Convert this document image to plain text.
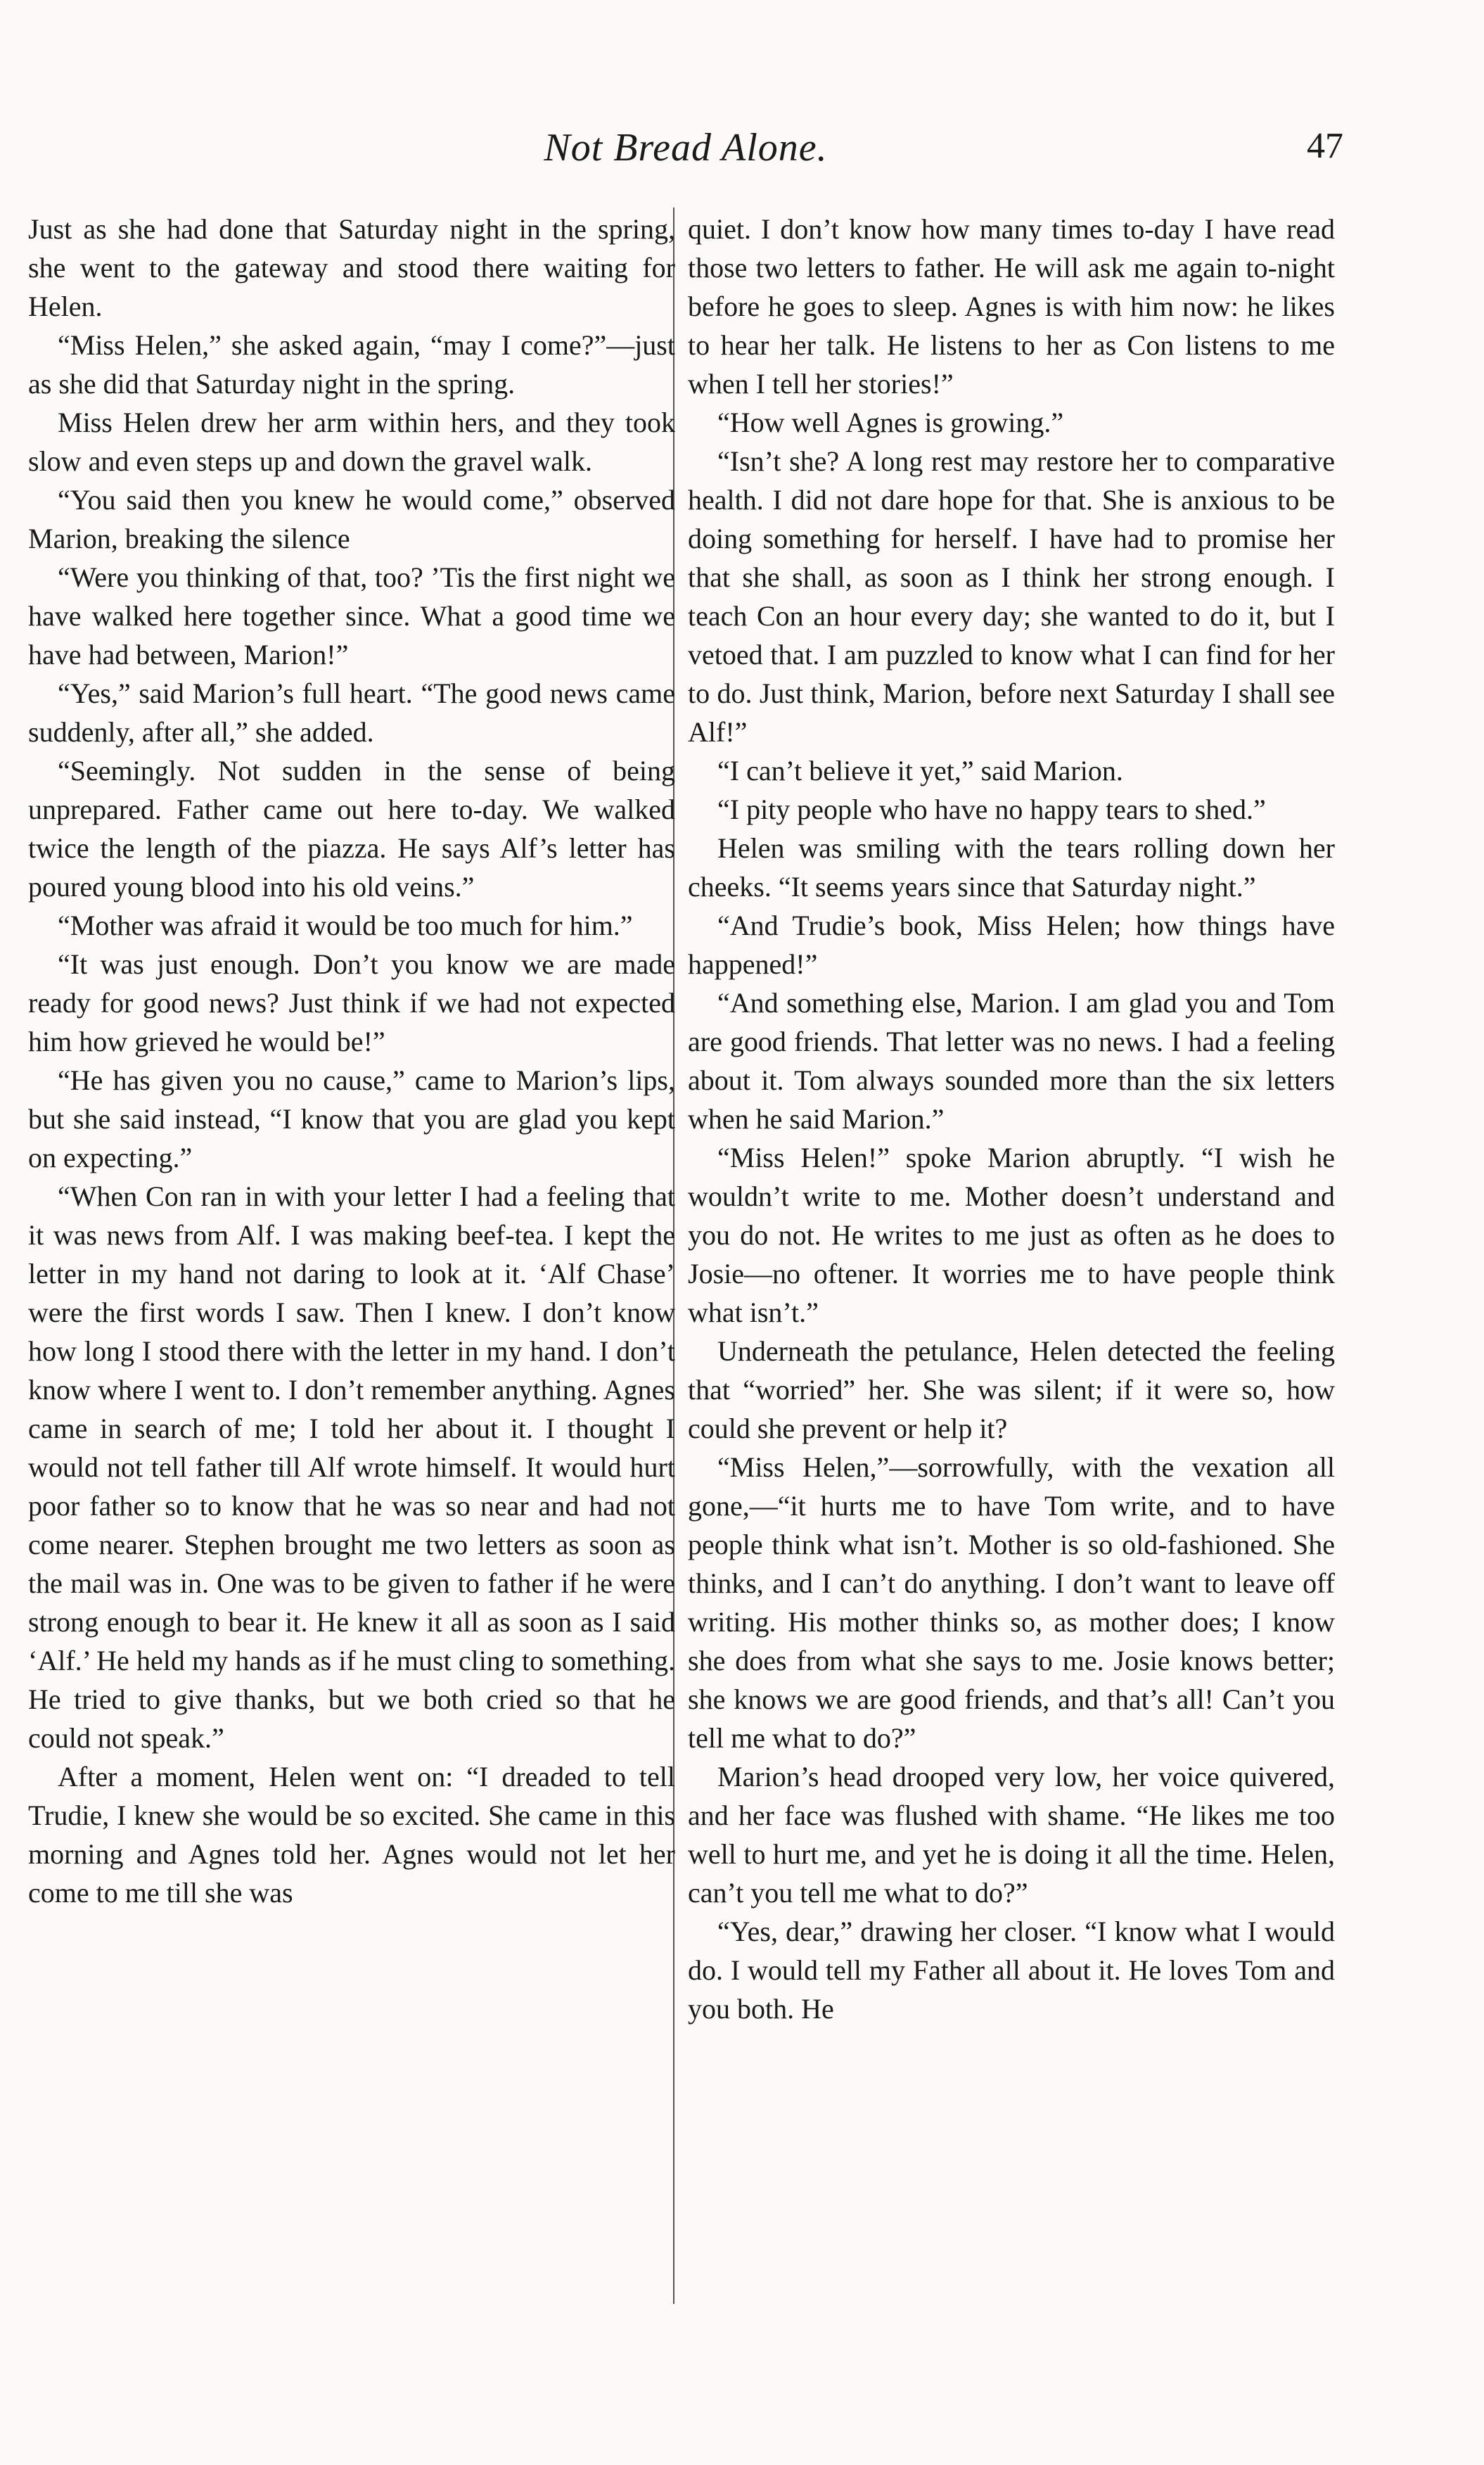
Not Bread Alone.	47

Just as she had done that Saturday night in the spring, she went to the gateway and stood there waiting for Helen.

“Miss Helen,” she asked again, “may I come?”—just as she did that Saturday night in the spring.

Miss Helen drew her arm within hers, and they took slow and even steps up and down the gravel walk.

“You said then you knew he would come,” observed Marion, breaking the silence

“Were you thinking of that, too? ’Tis the first night we have walked here together since. What a good time we have had between, Marion!”

“Yes,” said Marion’s full heart. “The good news came suddenly, after all,” she added.

“Seemingly. Not sudden in the sense of being unprepared. Father came out here to-day. We walked twice the length of the piazza. He says Alf’s letter has poured young blood into his old veins.”

“Mother was afraid it would be too much for him.”

“It was just enough. Don’t you know we are made ready for good news? Just think if we had not expected him how grieved he would be!”

“He has given you no cause,” came to Marion’s lips, but she said instead, “I know that you are glad you kept on expecting.”

“When Con ran in with your letter I had a feeling that it was news from Alf. I was making beef-tea. I kept the letter in my hand not daring to look at it. ‘Alf Chase’ were the first words I saw. Then I knew. I don’t know how long I stood there with the letter in my hand. I don’t know where I went to. I don’t remember anything. Agnes came in search of me; I told her about it. I thought I would not tell father till Alf wrote himself. It would hurt poor father so to know that he was so near and had not come nearer. Stephen brought me two letters as soon as the mail was in. One was to be given to father if he were strong enough to bear it. He knew it all as soon as I said ‘Alf.’ He held my hands as if he must cling to something. He tried to give thanks, but we both cried so that he could not speak.”

After a moment, Helen went on: “I dreaded to tell Trudie, I knew she would be so excited. She came in this morning and Agnes told her. Agnes would not let her come to me till she was

quiet. I don’t know how many times to-day I have read those two letters to father. He will ask me again to-night before he goes to sleep. Agnes is with him now: he likes to hear her talk. He listens to her as Con listens to me when I tell her stories!”

“How well Agnes is growing.”

“Isn’t she? A long rest may restore her to comparative health. I did not dare hope for that. She is anxious to be doing something for herself. I have had to promise her that she shall, as soon as I think her strong enough. I teach Con an hour every day; she wanted to do it, but I vetoed that. I am puzzled to know what I can find for her to do. Just think, Marion, before next Saturday I shall see Alf!”

“I can’t believe it yet,” said Marion.

“I pity people who have no happy tears to shed.”

Helen was smiling with the tears rolling down her cheeks. “It seems years since that Saturday night.”

“And Trudie’s book, Miss Helen; how things have happened!”

“And something else, Marion. I am glad you and Tom are good friends. That letter was no news. I had a feeling about it. Tom always sounded more than the six letters when he said Marion.”

“Miss Helen!” spoke Marion abruptly. “I wish he wouldn’t write to me. Mother doesn’t understand and you do not. He writes to me just as often as he does to Josie—no oftener. It worries me to have people think what isn’t.”

Underneath the petulance, Helen detected the feeling that “worried” her. She was silent; if it were so, how could she prevent or help it?

“Miss Helen,”—sorrowfully, with the vexation all gone,—“it hurts me to have Tom write, and to have people think what isn’t. Mother is so old-fashioned. She thinks, and I can’t do anything. I don’t want to leave off writing. His mother thinks so, as mother does; I know she does from what she says to me. Josie knows better; she knows we are good friends, and that’s all! Can’t you tell me what to do?”

Marion’s head drooped very low, her voice quivered, and her face was flushed with shame. “He likes me too well to hurt me, and yet he is doing it all the time. Helen, can’t you tell me what to do?”

“Yes, dear,” drawing her closer. “I know what I would do. I would tell my Father all about it. He loves Tom and you both. He
